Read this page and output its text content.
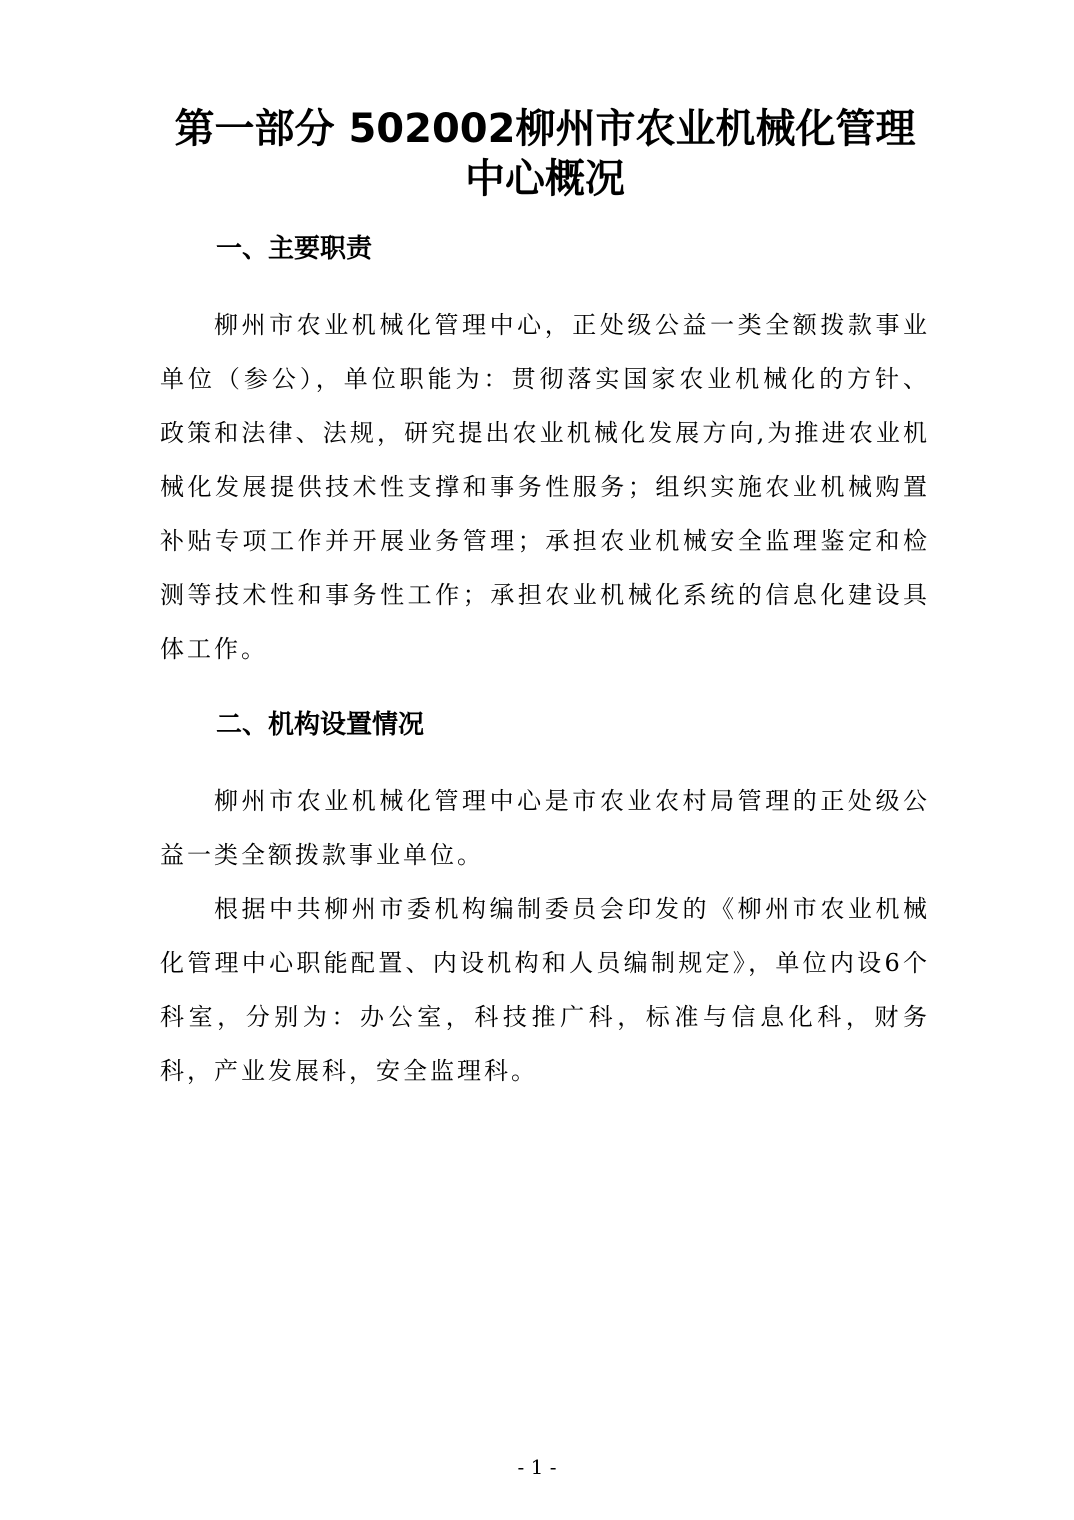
第一部分 502002柳州市农业机械化管理中心概况
一、主要职责
柳州市农业机械化管理中心，正处级公益一类全额拨款事业单位（参公），单位职能为：贯彻落实国家农业机械化的方针、政策和法律、法规，研究提出农业机械化发展方向,为推进农业机械化发展提供技术性支撑和事务性服务；组织实施农业机械购置补贴专项工作并开展业务管理；承担农业机械安全监理鉴定和检测等技术性和事务性工作；承担农业机械化系统的信息化建设具体工作。
二、机构设置情况
柳州市农业机械化管理中心是市农业农村局管理的正处级公益一类全额拨款事业单位。
根据中共柳州市委机构编制委员会印发的《柳州市农业机械化管理中心职能配置、内设机构和人员编制规定》，单位内设6个科室，分别为：办公室，科技推广科，标准与信息化科，财务科，产业发展科，安全监理科。
- 1 -
